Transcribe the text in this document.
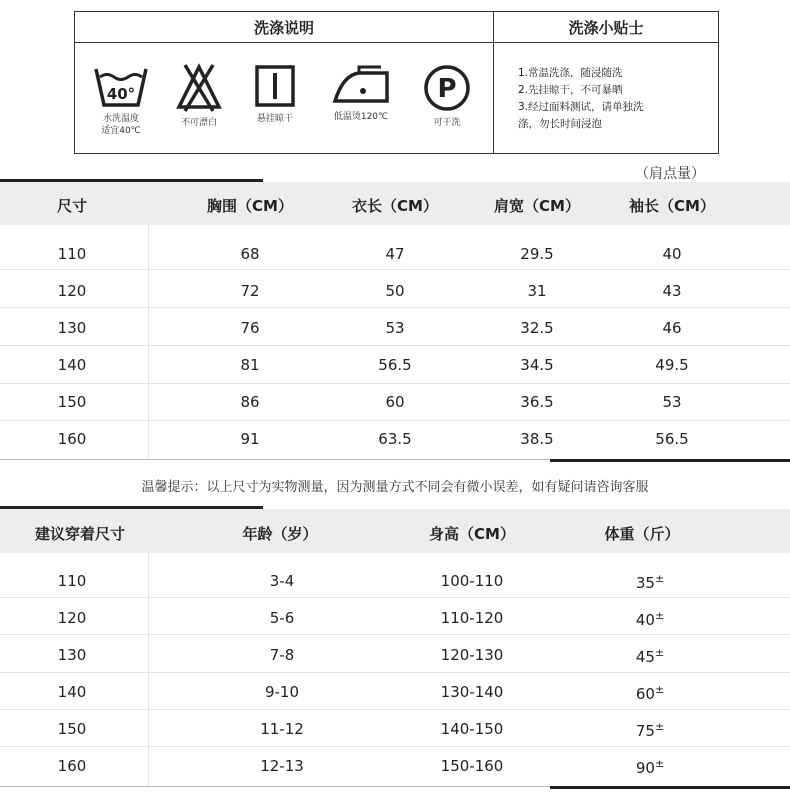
洗涤说明
40°
水洗温度
适宜40℃
不可漂白	悬挂晾干	低温烫120℃
P
可干洗
洗涤小贴士
1.常温洗涤，随浸随洗
2.先挂晾干，不可暴晒
3.经过面料测试，请单独洗
涤，勿长时间浸泡
（肩点量）
尺寸	胸围（CM）	衣长（CM）	肩宽（CM）	袖长（CM）
110	68	47	29.5	40
120	72	50	31	43
130	76	53	32.5	46
140	81	56.5	34.5	49.5
150	86	60	36.5	53
160	91	63.5	38.5	56.5
温馨提示：以上尺寸为实物测量，因为测量方式不同会有微小误差，如有疑问请咨询客服
建议穿着尺寸	年龄（岁）	身高（CM）	体重（斤）
110	3-4	100-110	35±
120	5-6	110-120	40±
130	7-8	120-130	45±
140	9-10	130-140	60±
150	11-12	140-150	75±
160	12-13	150-160	90±
